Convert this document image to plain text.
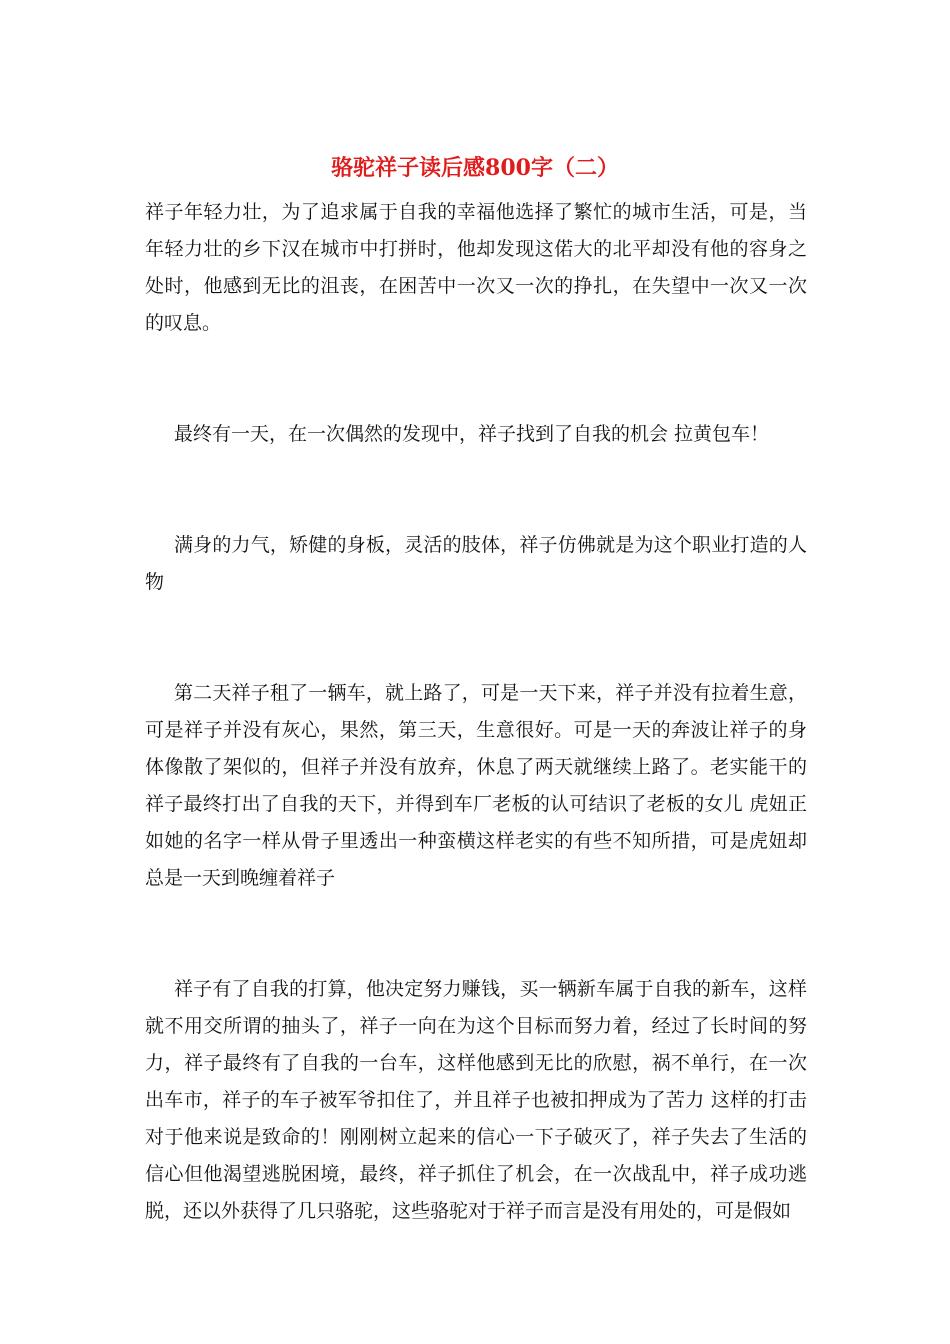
骆驼祥子读后感800字（二）

祥子年轻力壮，为了追求属于自我的幸福他选择了繁忙的城市生活，可是，当年轻力壮的乡下汉在城市中打拼时，他却发现这偌大的北平却没有他的容身之处时，他感到无比的沮丧，在困苦中一次又一次的挣扎，在失望中一次又一次的叹息。

最终有一天，在一次偶然的发现中，祥子找到了自我的机会 拉黄包车！

满身的力气，矫健的身板，灵活的肢体，祥子仿佛就是为这个职业打造的人物

第二天祥子租了一辆车，就上路了，可是一天下来，祥子并没有拉着生意，可是祥子并没有灰心，果然，第三天，生意很好。可是一天的奔波让祥子的身体像散了架似的，但祥子并没有放弃，休息了两天就继续上路了。老实能干的祥子最终打出了自我的天下，并得到车厂老板的认可结识了老板的女儿 虎妞正如她的名字一样从骨子里透出一种蛮横这样老实的有些不知所措，可是虎妞却总是一天到晚缠着祥子

祥子有了自我的打算，他决定努力赚钱，买一辆新车属于自我的新车，这样就不用交所谓的抽头了，祥子一向在为这个目标而努力着，经过了长时间的努力，祥子最终有了自我的一台车，这样他感到无比的欣慰，祸不单行，在一次出车市，祥子的车子被军爷扣住了，并且祥子也被扣押成为了苦力 这样的打击对于他来说是致命的！刚刚树立起来的信心一下子破灭了，祥子失去了生活的信心但他渴望逃脱困境，最终，祥子抓住了机会，在一次战乱中，祥子成功逃脱，还以外获得了几只骆驼，这些骆驼对于祥子而言是没有用处的，可是假如
